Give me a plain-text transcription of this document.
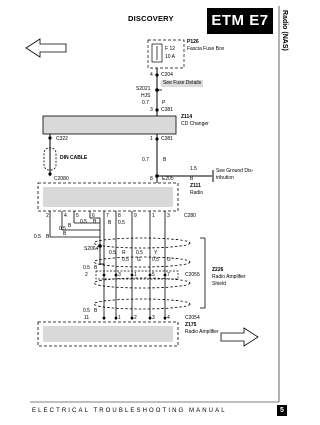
DISCOVERY	ETM E7	Radio (NAS)
P126
Fascia Fuse Box
F 12
10 A
4 C204
See Fuse Details
S2021
HJS
0.7	P
3 C381
Z114
CD Changer
1 C381
C322
DIN CABLE
C2080
0.7	B
1.5	See Ground Dis-
tribution
8 E205	B
Z111
Radio
2	4 5	6 7 8	9	1 3	C280
0.5 B
B
0.5
B
0.5 B
0.5
B
S2064
0.5 R 0.5 Y
0.5 G 0.5 U
0.5 B
2	3	1	5 7	C2055
Z226
Radio Amplifier
Shield
0.5 B
11	1	2	3 4	C2054
Z175
Radio Amplifier
ELECTRICAL TROUBLESHOOTING MANUAL	5
